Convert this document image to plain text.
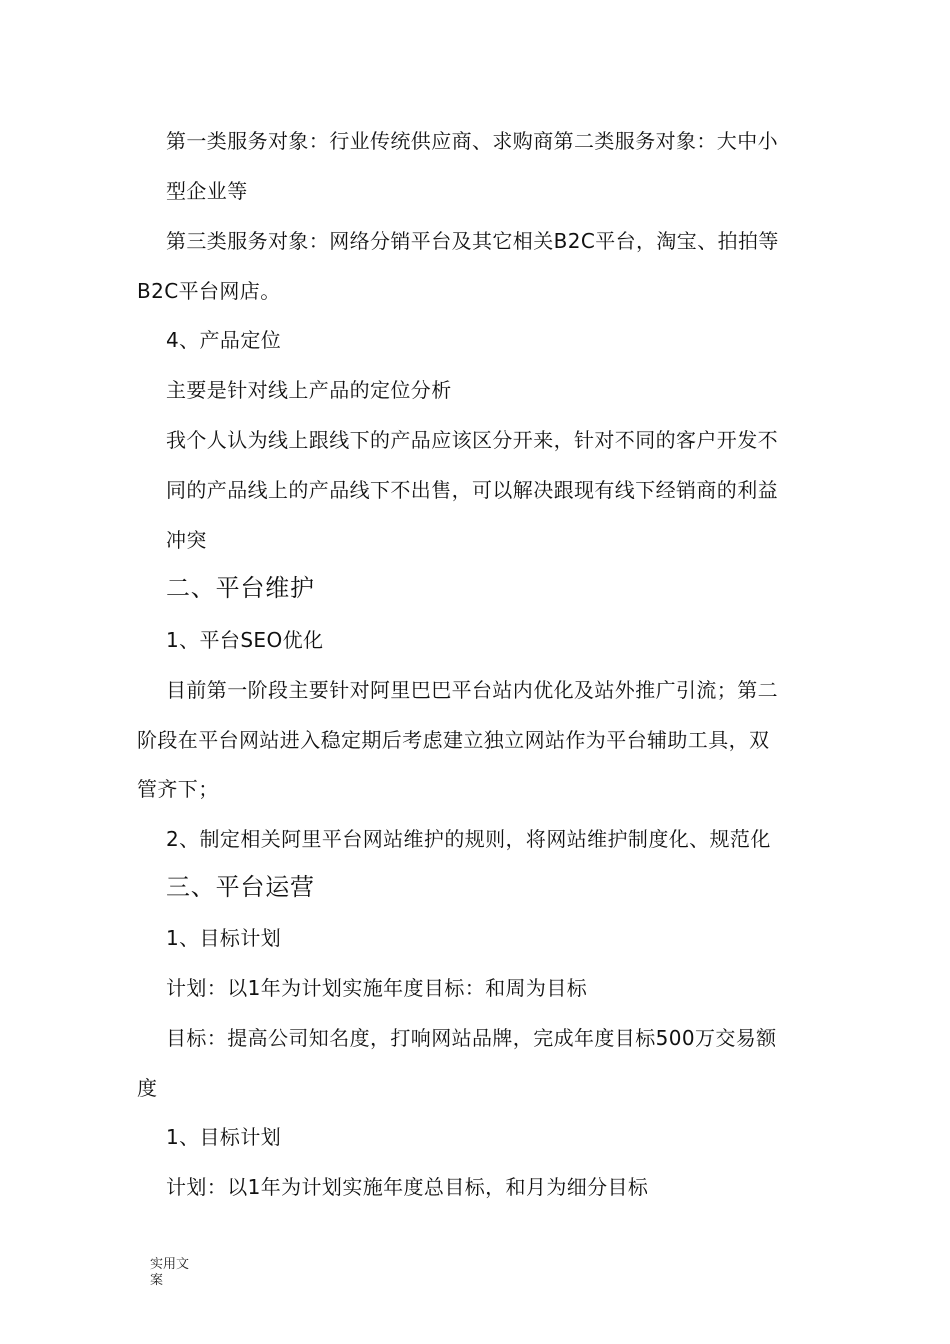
第一类服务对象：行业传统供应商、求购商第二类服务对象：大中小
型企业等
第三类服务对象：网络分销平台及其它相关B2C平台，淘宝、拍拍等
B2C平台网店。
4、产品定位
主要是针对线上产品的定位分析
我个人认为线上跟线下的产品应该区分开来，针对不同的客户开发不
同的产品线上的产品线下不出售，可以解决跟现有线下经销商的利益
冲突
二、平台维护
1、平台SEO优化
目前第一阶段主要针对阿里巴巴平台站内优化及站外推广引流；第二
阶段在平台网站进入稳定期后考虑建立独立网站作为平台辅助工具，双
管齐下；
2、制定相关阿里平台网站维护的规则，将网站维护制度化、规范化
三、平台运营
1、目标计划
计划：以1年为计划实施年度目标：和周为目标
目标：提高公司知名度，打响网站品牌，完成年度目标500万交易额
度
1、目标计划
计划：以1年为计划实施年度总目标，和月为细分目标
实用文案
